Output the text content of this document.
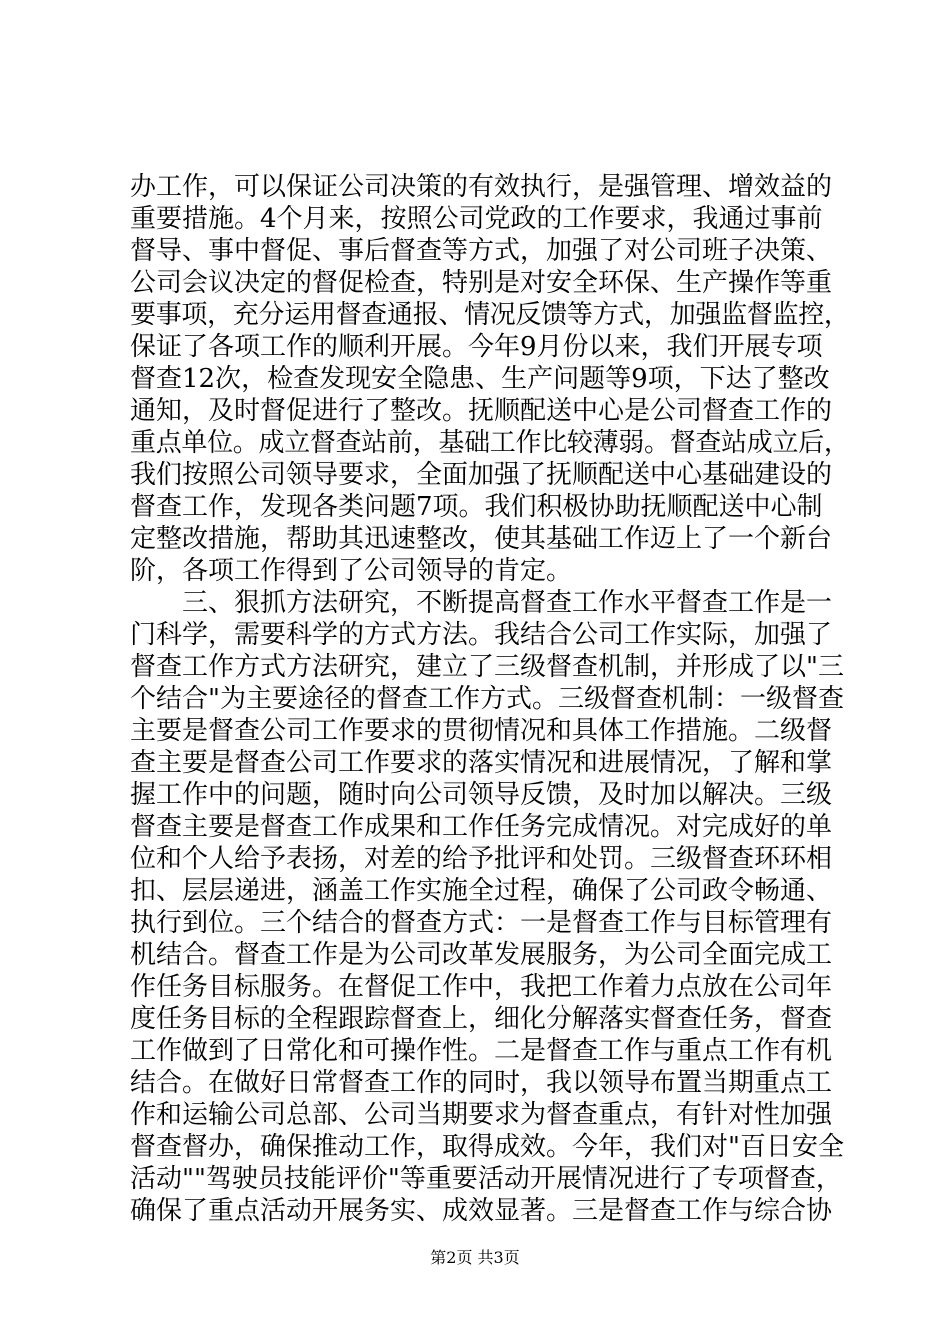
办工作，可以保证公司决策的有效执行，是强管理、增效益的
重要措施。4个月来，按照公司党政的工作要求，我通过事前
督导、事中督促、事后督查等方式，加强了对公司班子决策、
公司会议决定的督促检查，特别是对安全环保、生产操作等重
要事项，充分运用督查通报、情况反馈等方式，加强监督监控，
保证了各项工作的顺利开展。今年9月份以来，我们开展专项
督查12次，检查发现安全隐患、生产问题等9项，下达了整改
通知，及时督促进行了整改。抚顺配送中心是公司督查工作的
重点单位。成立督查站前，基础工作比较薄弱。督查站成立后，
我们按照公司领导要求，全面加强了抚顺配送中心基础建设的
督查工作，发现各类问题7项。我们积极协助抚顺配送中心制
定整改措施，帮助其迅速整改，使其基础工作迈上了一个新台
阶，各项工作得到了公司领导的肯定。
　　三、狠抓方法研究，不断提高督查工作水平督查工作是一
门科学，需要科学的方式方法。我结合公司工作实际，加强了
督查工作方式方法研究，建立了三级督查机制，并形成了以"三
个结合"为主要途径的督查工作方式。三级督查机制：一级督查
主要是督查公司工作要求的贯彻情况和具体工作措施。二级督
查主要是督查公司工作要求的落实情况和进展情况，了解和掌
握工作中的问题，随时向公司领导反馈，及时加以解决。三级
督查主要是督查工作成果和工作任务完成情况。对完成好的单
位和个人给予表扬，对差的给予批评和处罚。三级督查环环相
扣、层层递进，涵盖工作实施全过程，确保了公司政令畅通、
执行到位。三个结合的督查方式：一是督查工作与目标管理有
机结合。督查工作是为公司改革发展服务，为公司全面完成工
作任务目标服务。在督促工作中，我把工作着力点放在公司年
度任务目标的全程跟踪督查上，细化分解落实督查任务，督查
工作做到了日常化和可操作性。二是督查工作与重点工作有机
结合。在做好日常督查工作的同时，我以领导布置当期重点工
作和运输公司总部、公司当期要求为督查重点，有针对性加强
督查督办，确保推动工作，取得成效。今年，我们对"百日安全
活动""驾驶员技能评价"等重要活动开展情况进行了专项督查，
确保了重点活动开展务实、成效显著。三是督查工作与综合协
第2页 共3页
